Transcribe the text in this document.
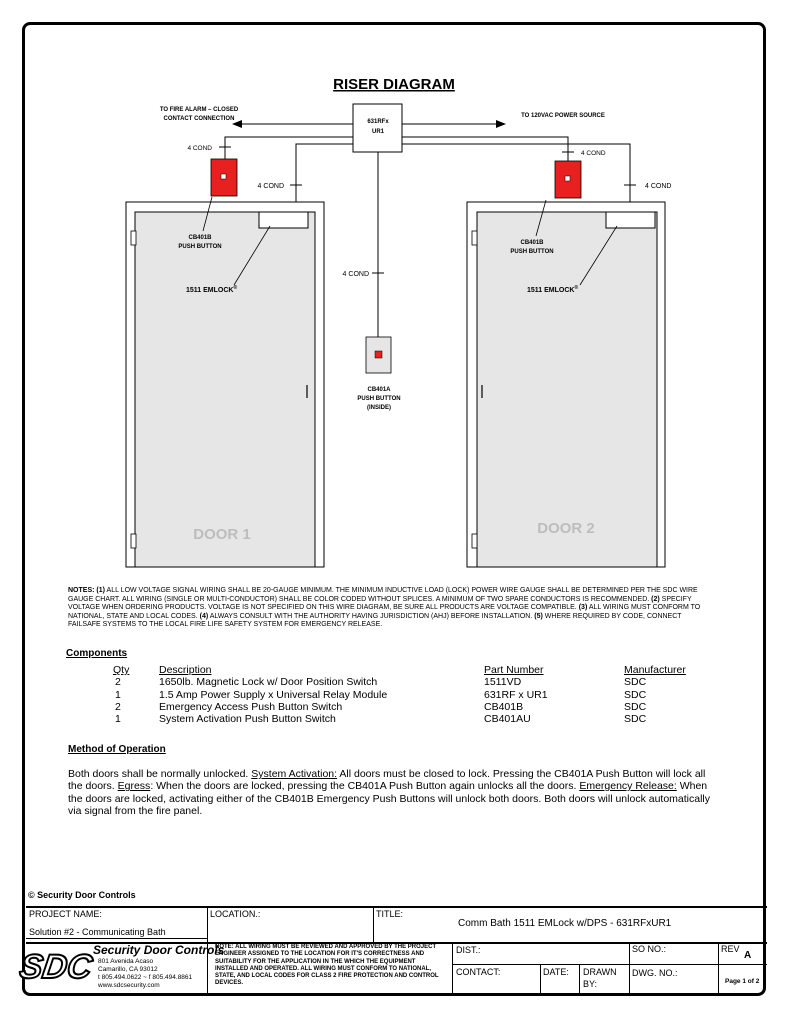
RISER DIAGRAM
631RFx
UR1
TO FIRE ALARM – CLOSED
CONTACT CONNECTION	TO 120VAC POWER SOURCE
4 COND
4 COND
4 COND
4 COND
4 COND
1511 EMLOCK®
CB401B
PUSH BUTTON
DOOR 1
1511 EMLOCK®
CB401B
PUSH BUTTON
DOOR 2
CB401A
PUSH BUTTON
(INSIDE)
NOTES: (1) ALL LOW VOLTAGE SIGNAL WIRING SHALL BE 20-GAUGE MINIMUM. THE MINIMUM INDUCTIVE LOAD (LOCK) POWER WIRE GAUGE SHALL BE DETERMINED PER THE SDC WIRE GAUGE CHART. ALL WIRING (SINGLE OR MULTI-CONDUCTOR) SHALL BE COLOR CODED WITHOUT SPLICES. A MINIMUM OF TWO SPARE CONDUCTORS IS RECOMMENDED. (2) SPECIFY VOLTAGE WHEN ORDERING PRODUCTS. VOLTAGE IS NOT SPECIFIED ON THIS WIRE DIAGRAM, BE SURE ALL PRODUCTS ARE VOLTAGE COMPATIBLE. (3) ALL WIRING MUST CONFORM TO NATIONAL, STATE AND LOCAL CODES. (4) ALWAYS CONSULT WITH THE AUTHORITY HAVING JURISDICTION (AHJ) BEFORE INSTALLATION. (5) WHERE REQUIRED BY CODE, CONNECT FAILSAFE SYSTEMS TO THE LOCAL FIRE LIFE SAFETY SYSTEM FOR EMERGENCY RELEASE.
Components
Qty	Description	Part Number	Manufacturer
2	1650lb. Magnetic Lock w/ Door Position Switch	1511VD	SDC
1	1.5 Amp Power Supply x Universal Relay Module	631RF x UR1	SDC
2	Emergency Access Push Button Switch	CB401B	SDC
1	System Activation Push Button Switch	CB401AU	SDC
Method of Operation
Both doors shall be normally unlocked. System Activation: All doors must be closed to lock. Pressing the CB401A Push Button will lock all the doors. Egress: When the doors are locked, pressing the CB401A Push Button again unlocks all the doors. Emergency Release: When the doors are locked, activating either of the CB401B Emergency Push Buttons will unlock both doors. Both doors will unlock automatically via signal from the fire panel.
© Security Door Controls
PROJECT NAME:
Solution #2 - Communicating Bath
LOCATION.:	TITLE:
Comm Bath 1511 EMLock w/DPS - 631RFxUR1
SDC
Security Door Controls
801 Avenida Acaso
Camarillo, CA 93012
t 805.494.0622 ~ f 805.494.8861
www.sdcsecurity.com
NOTE: ALL WIRING MUST BE REVIEWED AND APPROVED BY THE PROJECT ENGINEER ASSIGNED TO THE LOCATION FOR IT'S CORRECTNESS AND SUITABILITY FOR THE APPLICATION IN THE WHICH THE EQUIPMENT INSTALLED AND OPERATED. ALL WIRING MUST CONFORM TO NATIONAL, STATE, AND LOCAL CODES FOR CLASS 2 FIRE PROTECTION AND CONTROL DEVICES.
DIST.:	SO NO.:	REV
A
CONTACT:	DATE: DRAWN
BY:
DWG. NO.:
Page 1 of 2
